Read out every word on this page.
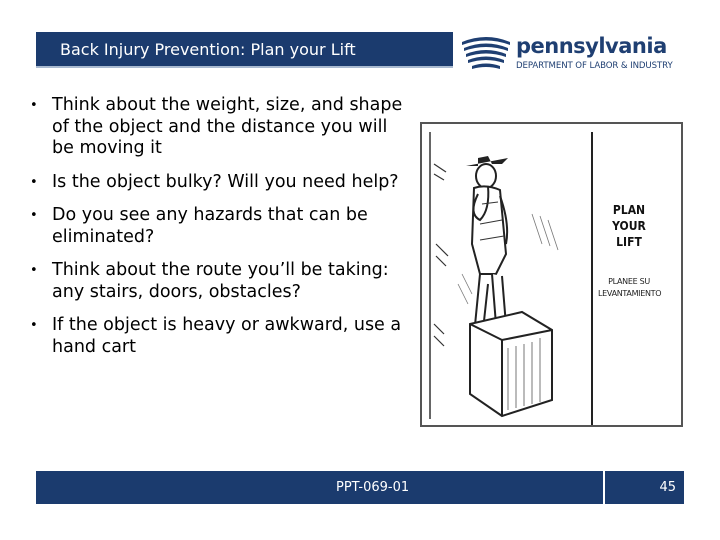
Back Injury Prevention: Plan your Lift	pennsylvania
DEPARTMENT OF LABOR & INDUSTRY
• Think about the weight, size, and shape of the object and the distance you will be moving it
• Is the object bulky? Will you need help?
• Do you see any hazards that can be eliminated?
• Think about the route you’ll be taking: any stairs, doors, obstacles?
• If the object is heavy or awkward, use a hand cart
PLAN YOUR LIFT
PLANEE SU LEVANTAMIENTO
PPT-069-01	45
